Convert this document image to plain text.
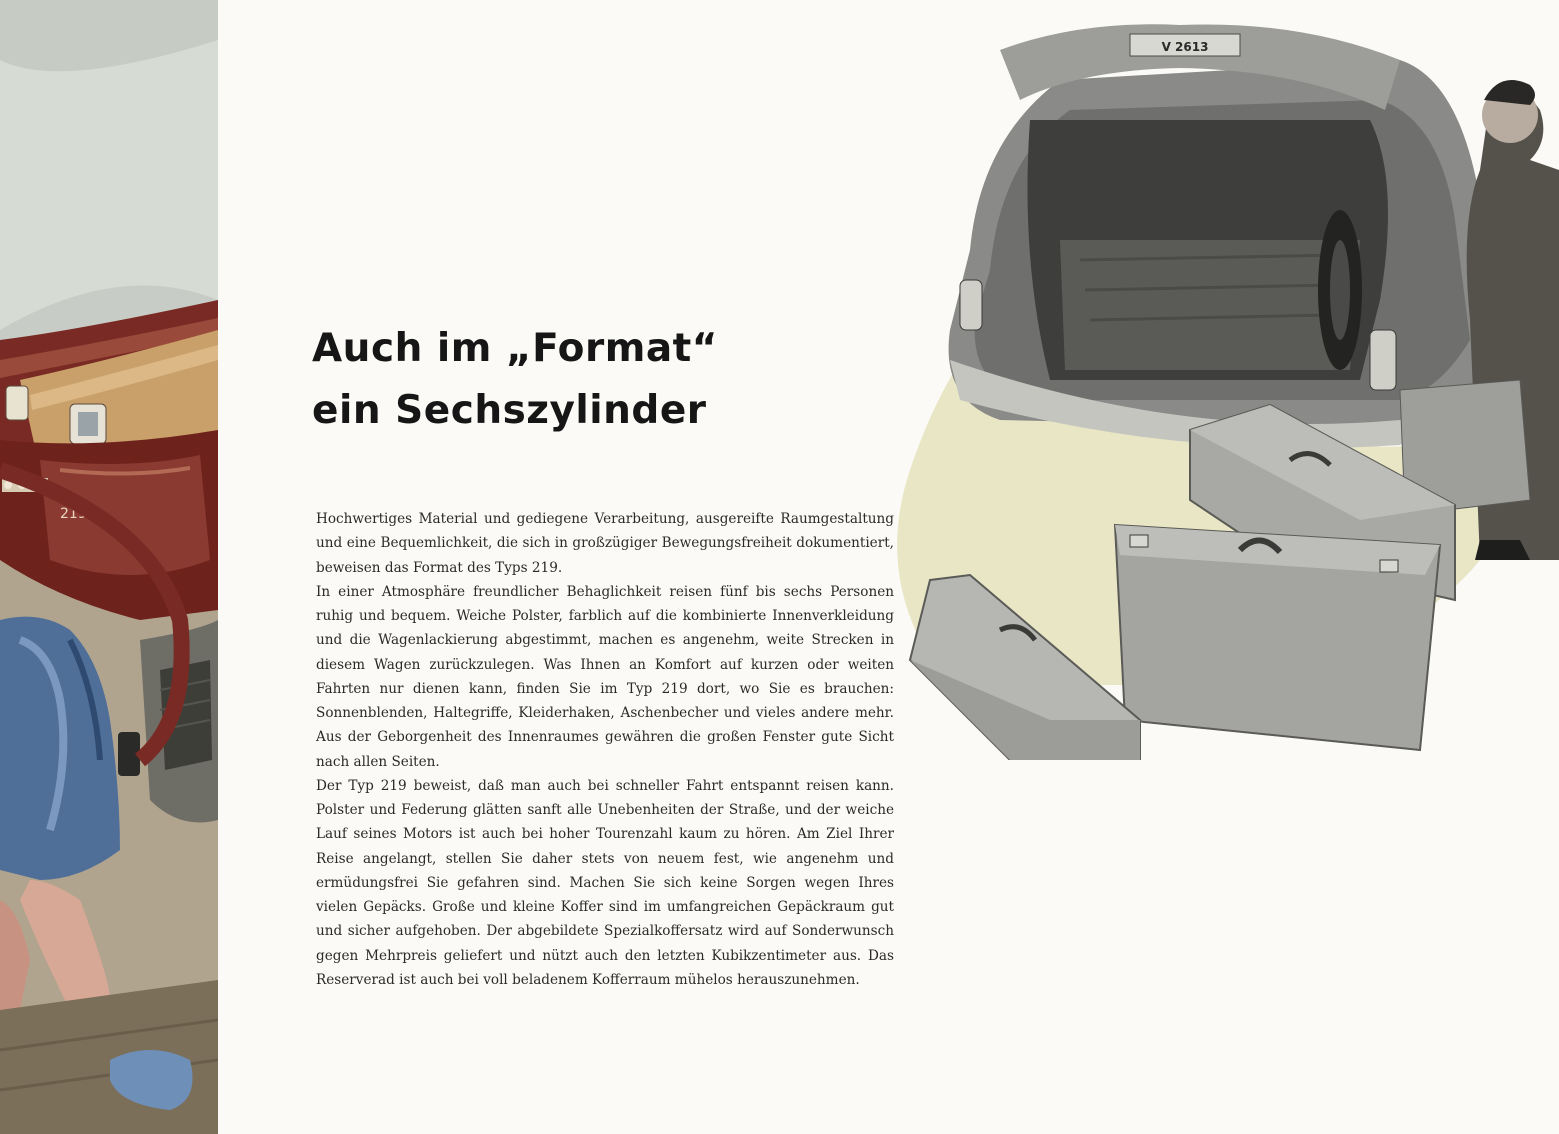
219
Auch im „Format“
ein Sechszylinder

Hochwertiges Material und gediegene Verarbeitung, ausgereifte Raumgestaltung und eine Bequemlichkeit, die sich in großzügiger Bewegungsfreiheit dokumentiert, beweisen das Format des Typs 219.

In einer Atmosphäre freundlicher Behaglichkeit reisen fünf bis sechs Personen ruhig und bequem. Weiche Polster, farblich auf die kombinierte Innenverkleidung und die Wagenlackierung abgestimmt, machen es angenehm, weite Strecken in diesem Wagen zurückzulegen. Was Ihnen an Komfort auf kurzen oder weiten Fahrten nur dienen kann, finden Sie im Typ 219 dort, wo Sie es brauchen: Sonnenblenden, Haltegriffe, Kleiderhaken, Aschenbecher und vieles andere mehr. Aus der Geborgenheit des Innenraumes gewähren die großen Fenster gute Sicht nach allen Seiten.

Der Typ 219 beweist, daß man auch bei schneller Fahrt entspannt reisen kann. Polster und Federung glätten sanft alle Unebenheiten der Straße, und der weiche Lauf seines Motors ist auch bei hoher Tourenzahl kaum zu hören. Am Ziel Ihrer Reise angelangt, stellen Sie daher stets von neuem fest, wie angenehm und ermüdungsfrei Sie gefahren sind. Machen Sie sich keine Sorgen wegen Ihres vielen Gepäcks. Große und kleine Koffer sind im umfangreichen Gepäckraum gut und sicher aufgehoben. Der abgebildete Spezialkoffersatz wird auf Sonderwunsch gegen Mehrpreis geliefert und nützt auch den letzten Kubikzentimeter aus. Das Reserverad ist auch bei voll beladenem Kofferraum mühelos herauszunehmen.

V 2613
